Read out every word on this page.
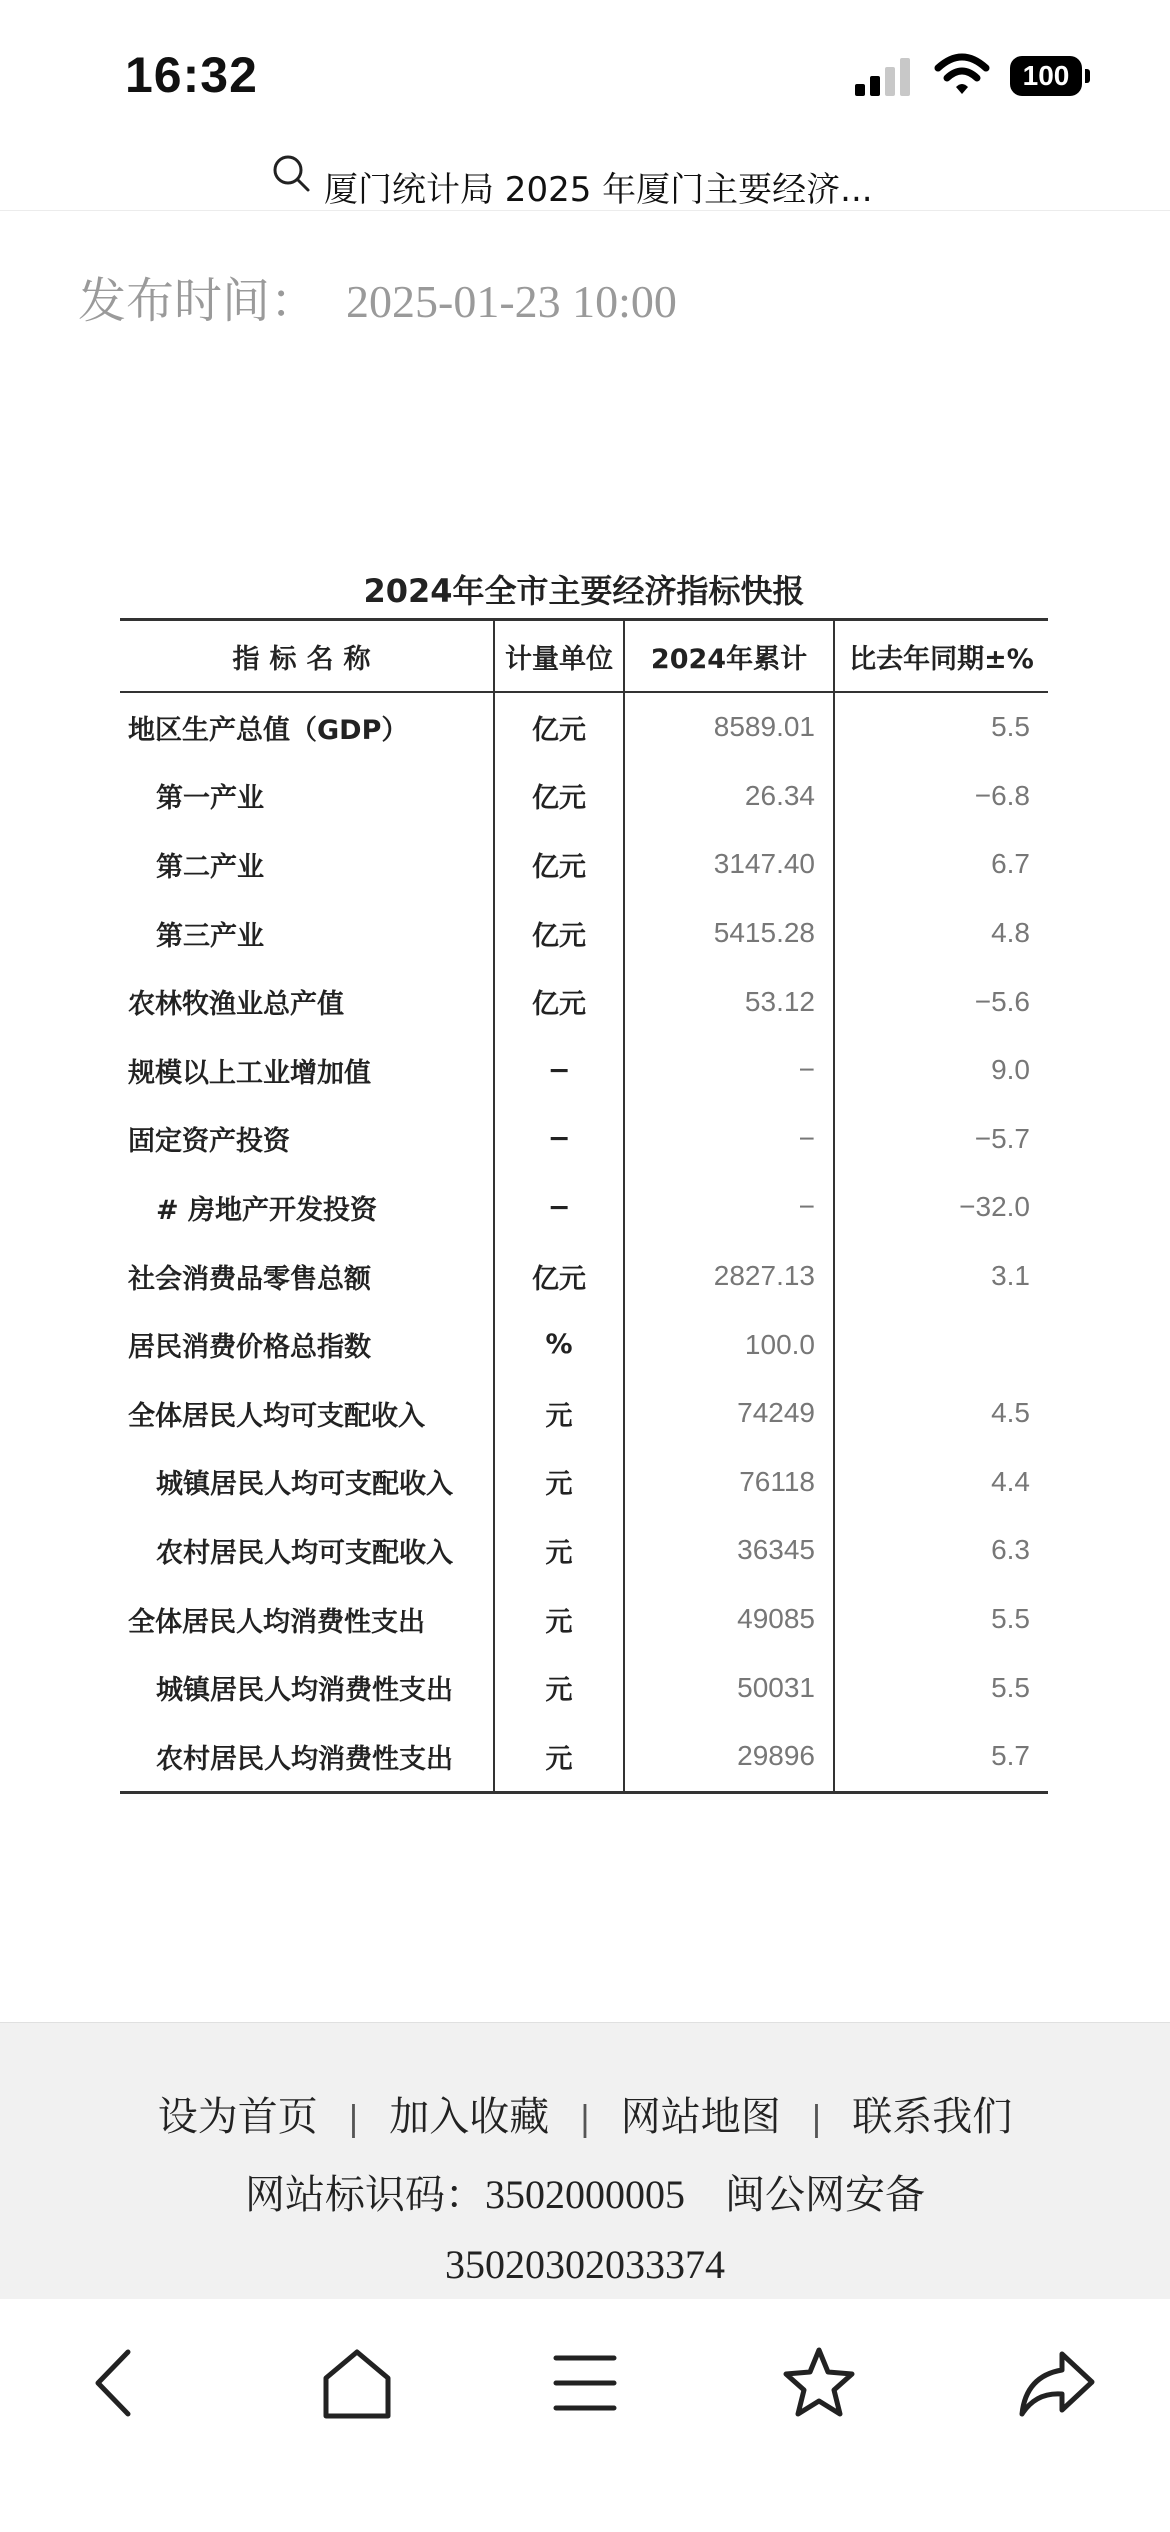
16:32	100
厦门统计局 2025 年厦门主要经济...
发布时间： 2025-01-23 10:00
2024年全市主要经济指标快报
指标名称	计量单位	2024年累计	比去年同期±%
地区生产总值（GDP）	亿元	8589.01	5.5
第一产业	亿元	26.34	−6.8
第二产业	亿元	3147.40	6.7
第三产业	亿元	5415.28	4.8
农林牧渔业总产值	亿元	53.12	−5.6
规模以上工业增加值	−	−	9.0
固定资产投资	−	−	−5.7
# 房地产开发投资	−	−	−32.0
社会消费品零售总额	亿元	2827.13	3.1
居民消费价格总指数	%	100.0	
全体居民人均可支配收入	元	74249	4.5
城镇居民人均可支配收入	元	76118	4.4
农村居民人均可支配收入	元	36345	6.3
全体居民人均消费性支出	元	49085	5.5
城镇居民人均消费性支出	元	50031	5.5
农村居民人均消费性支出	元	29896	5.7
设为首页 | 加入收藏 | 网站地图 | 联系我们
网站标识码：3502000005 闽公网安备
35020302033374
